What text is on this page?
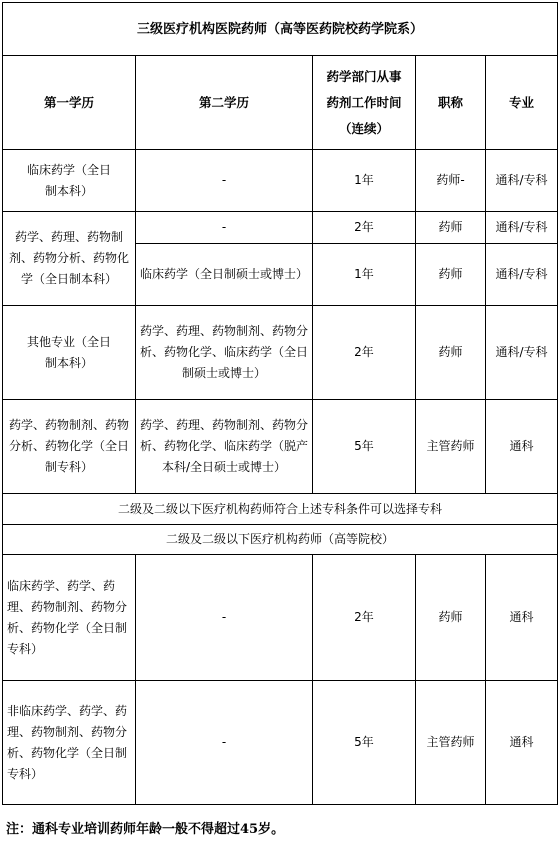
三级医疗机构医院药师（高等医药院校药学院系）				
第一学历	第二学历	药学部门从事药剂工作时间（连续）	职称	专业
临床药学（全日制本科）	-	1年	药师-	通科/专科
药学、药理、药物制剂、药物分析、药物化学（全日制本科）	-	2年	药师	通科/专科
	临床药学（全日制硕士或博士）	1年	药师	通科/专科
其他专业（全日制本科）	药学、药理、药物制剂、药物分析、药物化学、临床药学（全日制硕士或博士）	2年	药师	通科/专科
药学、药物制剂、药物分析、药物化学（全日制专科）	药学、药理、药物制剂、药物分析、药物化学、临床药学（脱产本科/全日硕士或博士）	5年	主管药师	通科
二级及二级以下医疗机构药师符合上述专科条件可以选择专科				
二级及二级以下医疗机构药师（高等院校）				
临床药学、药学、药理、药物制剂、药物分析、药物化学（全日制专科）	-	2年	药师	通科
非临床药学、药学、药理、药物制剂、药物分析、药物化学（全日制专科）	-	5年	主管药师	通科
注：通科专业培训药师年龄一般不得超过45岁。
